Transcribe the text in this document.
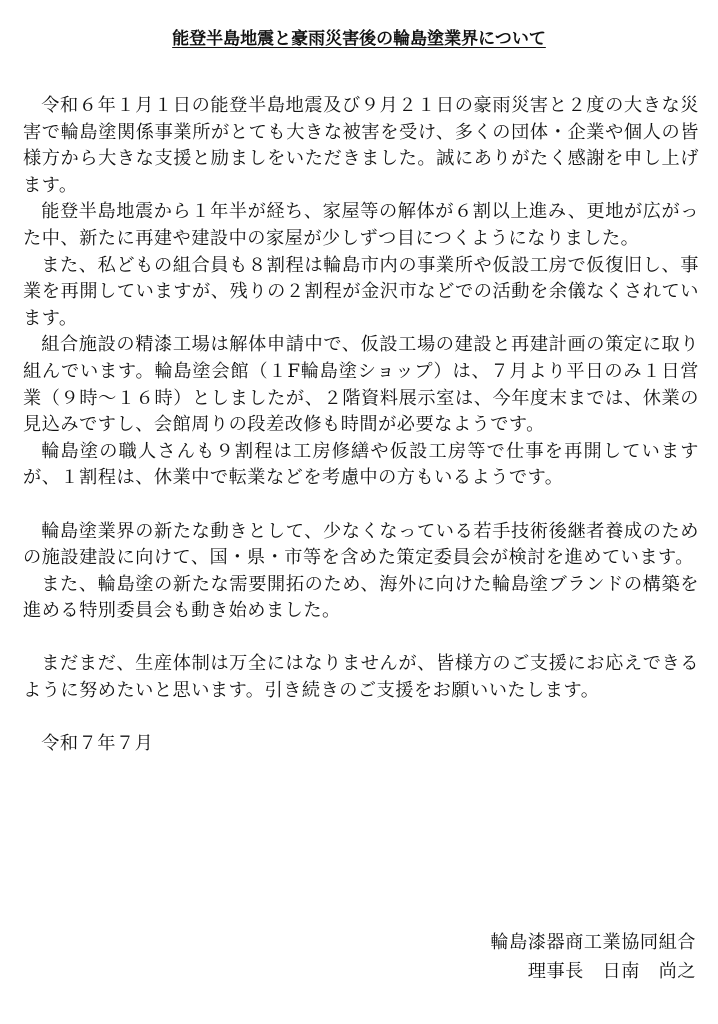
能登半島地震と豪雨災害後の輪島塗業界について

令和６年１月１日の能登半島地震及び９月２１日の豪雨災害と２度の大きな災害で輪島塗関係事業所がとても大きな被害を受け、多くの団体・企業や個人の皆様方から大きな支援と励ましをいただきました。誠にありがたく感謝を申し上げます。

能登半島地震から１年半が経ち、家屋等の解体が６割以上進み、更地が広がった中、新たに再建や建設中の家屋が少しずつ目につくようになりました。

また、私どもの組合員も８割程は輪島市内の事業所や仮設工房で仮復旧し、事業を再開していますが、残りの２割程が金沢市などでの活動を余儀なくされています。

組合施設の精漆工場は解体申請中で、仮設工場の建設と再建計画の策定に取り組んでいます。輪島塗会館（１F輪島塗ショップ）は、７月より平日のみ１日営業（９時～１６時）としましたが、２階資料展示室は、今年度末までは、休業の見込みですし、会館周りの段差改修も時間が必要なようです。

輪島塗の職人さんも９割程は工房修繕や仮設工房等で仕事を再開していますが、１割程は、休業中で転業などを考慮中の方もいるようです。

輪島塗業界の新たな動きとして、少なくなっている若手技術後継者養成のための施設建設に向けて、国・県・市等を含めた策定委員会が検討を進めています。

また、輪島塗の新たな需要開拓のため、海外に向けた輪島塗ブランドの構築を進める特別委員会も動き始めました。

まだまだ、生産体制は万全にはなりませんが、皆様方のご支援にお応えできるように努めたいと思います。引き続きのご支援をお願いいたします。

令和７年７月

輪島漆器商工業協同組合
理事長　日南　尚之
